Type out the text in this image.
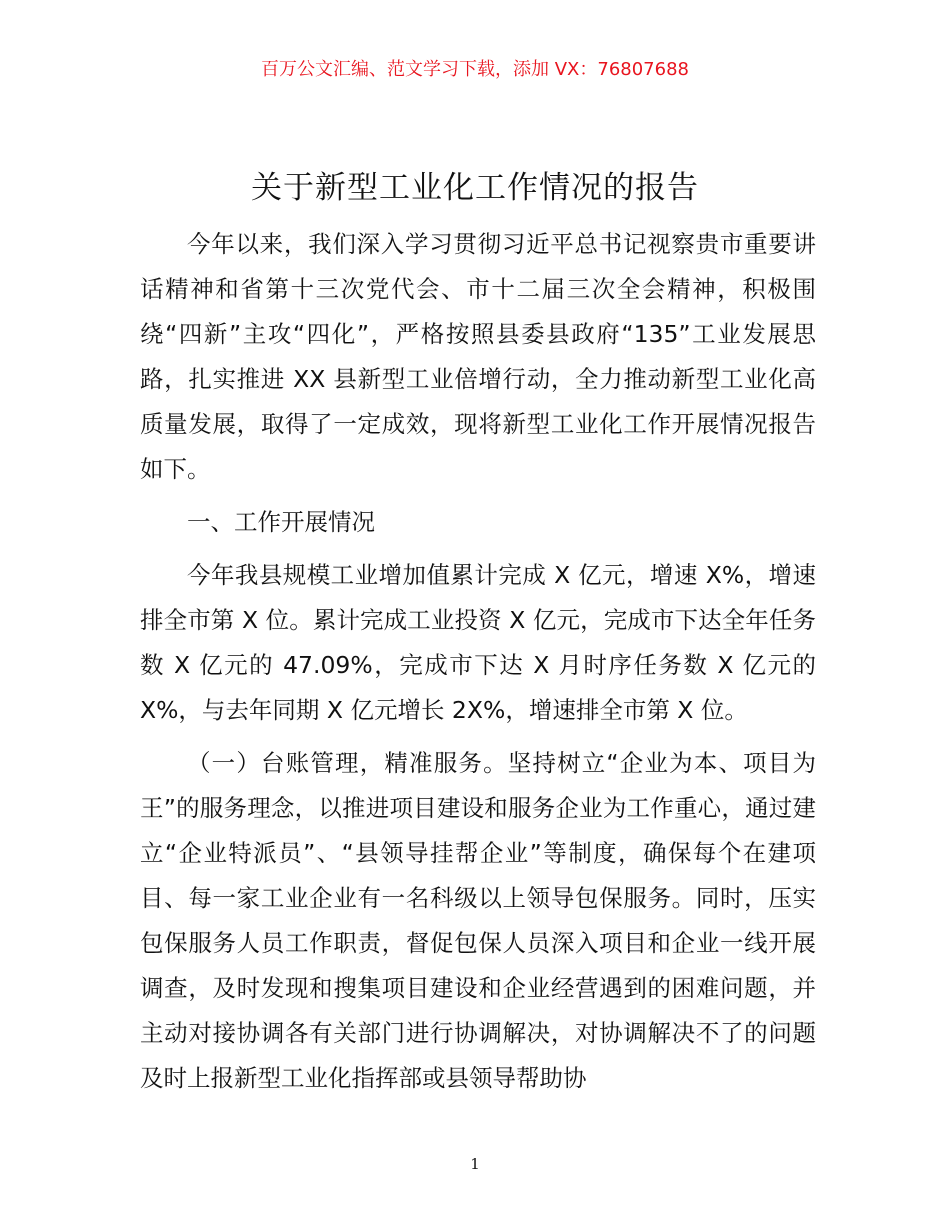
百万公文汇编、范文学习下载，添加 VX：76807688
关于新型工业化工作情况的报告

今年以来，我们深入学习贯彻习近平总书记视察贵市重要讲话精神和省第十三次党代会、市十二届三次全会精神，积极围绕“四新”主攻“四化”，严格按照县委县政府“135”工业发展思路，扎实推进 XX 县新型工业倍增行动，全力推动新型工业化高质量发展，取得了一定成效，现将新型工业化工作开展情况报告如下。

一、工作开展情况

今年我县规模工业增加值累计完成 X 亿元，增速 X%，增速排全市第 X 位。累计完成工业投资 X 亿元，完成市下达全年任务数 X 亿元的 47.09%，完成市下达 X 月时序任务数 X 亿元的 X%，与去年同期 X 亿元增长 2X%，增速排全市第 X 位。

（一）台账管理，精准服务。坚持树立“企业为本、项目为王”的服务理念，以推进项目建设和服务企业为工作重心，通过建立“企业特派员”、“县领导挂帮企业”等制度，确保每个在建项目、每一家工业企业有一名科级以上领导包保服务。同时，压实包保服务人员工作职责，督促包保人员深入项目和企业一线开展调查，及时发现和搜集项目建设和企业经营遇到的困难问题，并主动对接协调各有关部门进行协调解决，对协调解决不了的问题及时上报新型工业化指挥部或县领导帮助协

1
